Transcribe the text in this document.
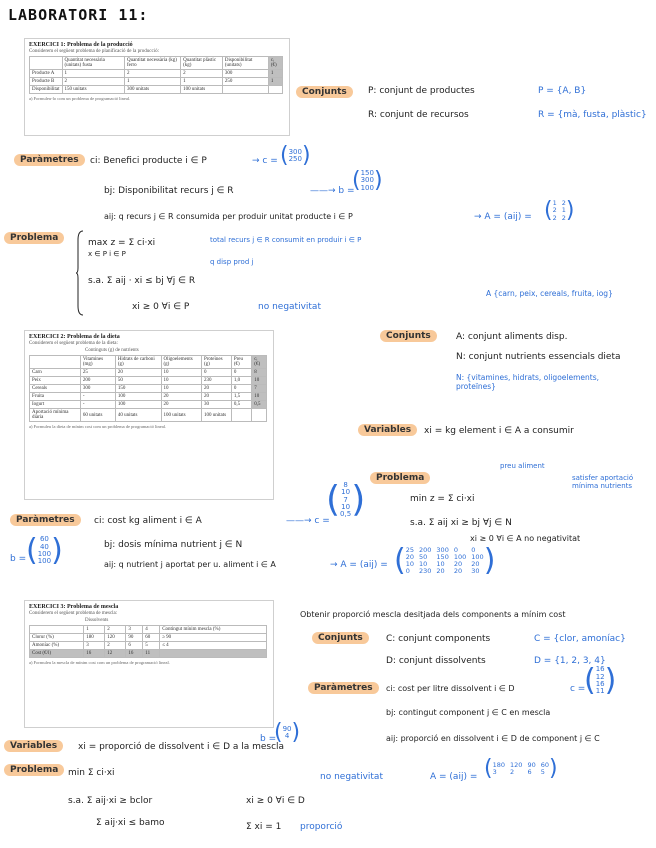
LABORATORI 11:
EXERCICI 1: Problema de la producció
Considerem el següent problema de planificació de la producció:
	Quantitat necessària (unitats) fusta	Quantitat necessària (kg) ferro	Quantitat plàstic (kg)	Disponibilitat (unitats)	cᵢ (€)
Producte A	1	2	2	300	1
Producte B	2	1	1	250	1
Disponibilitat	150 unitats	300 unitats	100 unitats		
a) Formuleu-lo com un problema de programació lineal.
Conjunts	P: conjunt de productes	P = {A, B}
R: conjunt de recursos	R = {mà, fusta, plàstic}
Paràmetres	ci: Benefici producte i ∈ P	→ c = ( 300
250 )
bj: Disponibilitat recurs j ∈ R	——→ b =
( 150
300
100 )
aij: q recurs j ∈ R consumida per produir unitat producte i ∈ P	→ A = (aij) = ( 1 2
2 1
2 2 )
Problema	max z = Σ ci·xi
x ∈ P i ∈ P
total recurs j ∈ R consumit en produir i ∈ P
q disp prod j
s.a. Σ aij · xi ≤ bj ∀j ∈ R
xi ≥ 0 ∀i ∈ P	no negativitat
EXERCICI 2: Problema de la dieta
Considerem el següent problema de la dieta:
Continguts (g) de nutrients
	Vitamines (mg)	Hidrats de carboni (g)	Oligoelements (g)	Proteïnes (g)	Preu (€)	cᵢ (€)
Carn	25	20	10	0	0	8
Peix	200	50	10	230	1,0	10
Cereals	300	150	10	20	0	7
Fruita	-	100	20	20	1,5	10
Iogurt	-	100	20	30	0,5	0,5
Aportació mínima diària	60 unitats	40 unitats	100 unitats	100 unitats		
a) Formuleu la dieta de mínim cost com un problema de programació lineal.
A {carn, peix, cereals, fruita, iog}
Conjunts	A: conjunt aliments disp.
N: conjunt nutrients essencials dieta
N: {vitamines, hidrats, oligoelements, proteïnes}
Variables	xi = kg element i ∈ A a consumir
Problema
preu aliment
satisfer aportació mínima nutrients
min z = Σ ci·xi
s.a. Σ aij xi ≥ bj ∀j ∈ N
xi ≥ 0 ∀i ∈ A no negativitat
Paràmetres	ci: cost kg aliment i ∈ A	——→ c =
( 8
10
7
10
0,5 )
b = ( 60
40
100
100 )	bj: dosis mínima nutrient j ∈ N
aij: q nutrient j aportat per u. aliment i ∈ A	→ A = (aij) = ( 25 200 300 0	0
20 50	150 100 100
10 10	10	20	20
0	230 20	20	30 )
EXERCICI 3: Problema de mescla
Considerem el següent problema de mescla:
Dissolvents
	1	2	3	4	Contingut mínim mescla (%)
Clorur (%)	180	120	90	60	≥ 90
Amoníac (%)	3	2	6	5	≤ 4
Cost (€/l)	16	12	16	11	
a) Formuleu la mescla de mínim cost com un problema de programació lineal.
Obtenir proporció mescla desitjada dels components a mínim cost
Conjunts	C: conjunt components	C = {clor, amoníac}
D: conjunt dissolvents	D = {1, 2, 3, 4}
Paràmetres	ci: cost per litre dissolvent i ∈ D	c =
( 16
12
16
11 )
bj: contingut component j ∈ C en mescla
aij: proporció en dissolvent i ∈ D de component j ∈ C
b =
( 90
4 )
Variables	xi = proporció de dissolvent i ∈ D a la mescla
Problema	min Σ ci·xi
s.a. Σ aij·xi ≥ bclor
Σ aij·xi ≤ bamo
xi ≥ 0 ∀i ∈ D
Σ xi = 1 proporció
no negativitat	A = (aij) = ( 180 120 90 60
3	2	6	5 )
